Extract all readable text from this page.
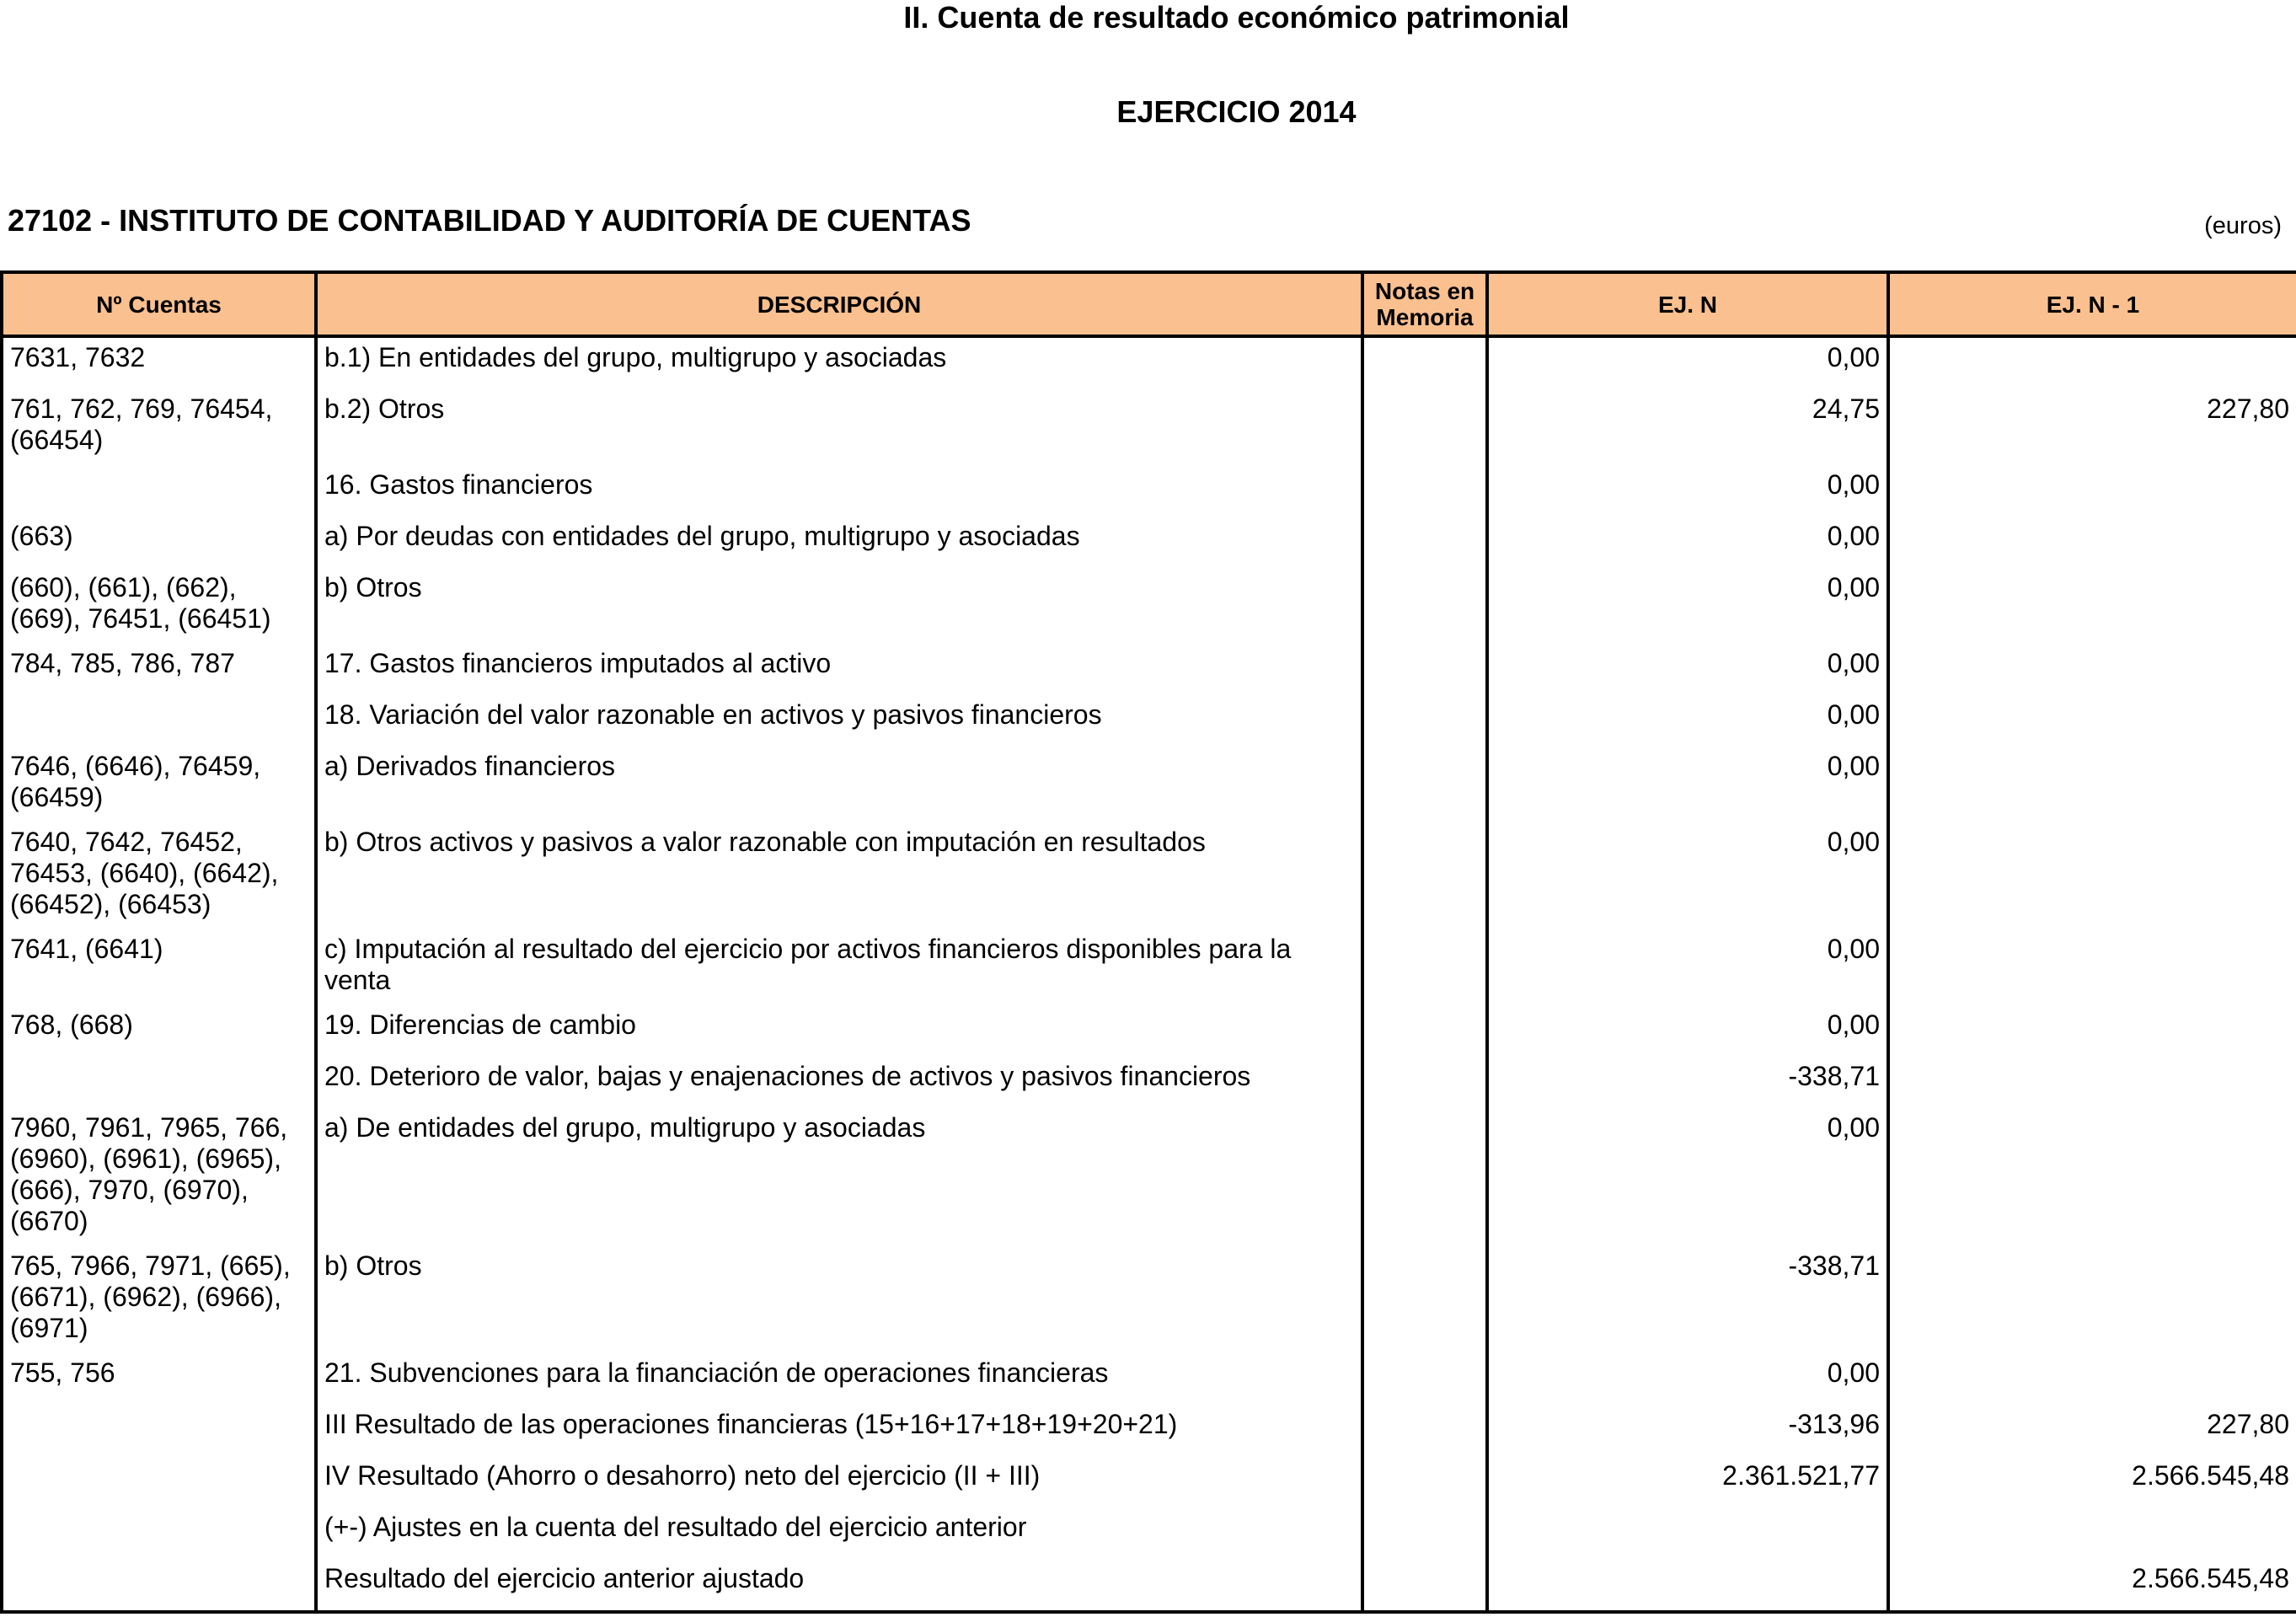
II. Cuenta de resultado económico patrimonial
EJERCICIO 2014
27102 - INSTITUTO DE CONTABILIDAD Y AUDITORÍA DE CUENTAS	(euros)
Nº Cuentas	DESCRIPCIÓN	Notas en Memoria	EJ. N	EJ. N - 1
7631, 7632	b.1) En entidades del grupo, multigrupo y asociadas		0,00	
761, 762, 769, 76454, (66454)	b.2) Otros		24,75	227,80
	16. Gastos financieros		0,00	
(663)	a) Por deudas con entidades del grupo, multigrupo y asociadas		0,00	
(660), (661), (662), (669), 76451, (66451)	b) Otros		0,00	
784, 785, 786, 787	17. Gastos financieros imputados al activo		0,00	
	18. Variación del valor razonable en activos y pasivos financieros		0,00	
7646, (6646), 76459, (66459)	a) Derivados financieros		0,00	
7640, 7642, 76452, 76453, (6640), (6642), (66452), (66453)	b) Otros activos y pasivos a valor razonable con imputación en resultados		0,00	
7641, (6641)	c) Imputación al resultado del ejercicio por activos financieros disponibles para la venta		0,00	
768, (668)	19. Diferencias de cambio		0,00	
	20. Deterioro de valor, bajas y enajenaciones de activos y pasivos financieros		-338,71	
7960, 7961, 7965, 766, (6960), (6961), (6965), (666), 7970, (6970), (6670)	a) De entidades del grupo, multigrupo y asociadas		0,00	
765, 7966, 7971, (665), (6671), (6962), (6966), (6971)	b) Otros		-338,71	
755, 756	21. Subvenciones para la financiación de operaciones financieras		0,00	
	III Resultado de las operaciones financieras (15+16+17+18+19+20+21)		-313,96	227,80
	IV Resultado (Ahorro o desahorro) neto del ejercicio (II + III)		2.361.521,77	2.566.545,48
	(+-) Ajustes en la cuenta del resultado del ejercicio anterior			
	Resultado del ejercicio anterior ajustado			2.566.545,48
